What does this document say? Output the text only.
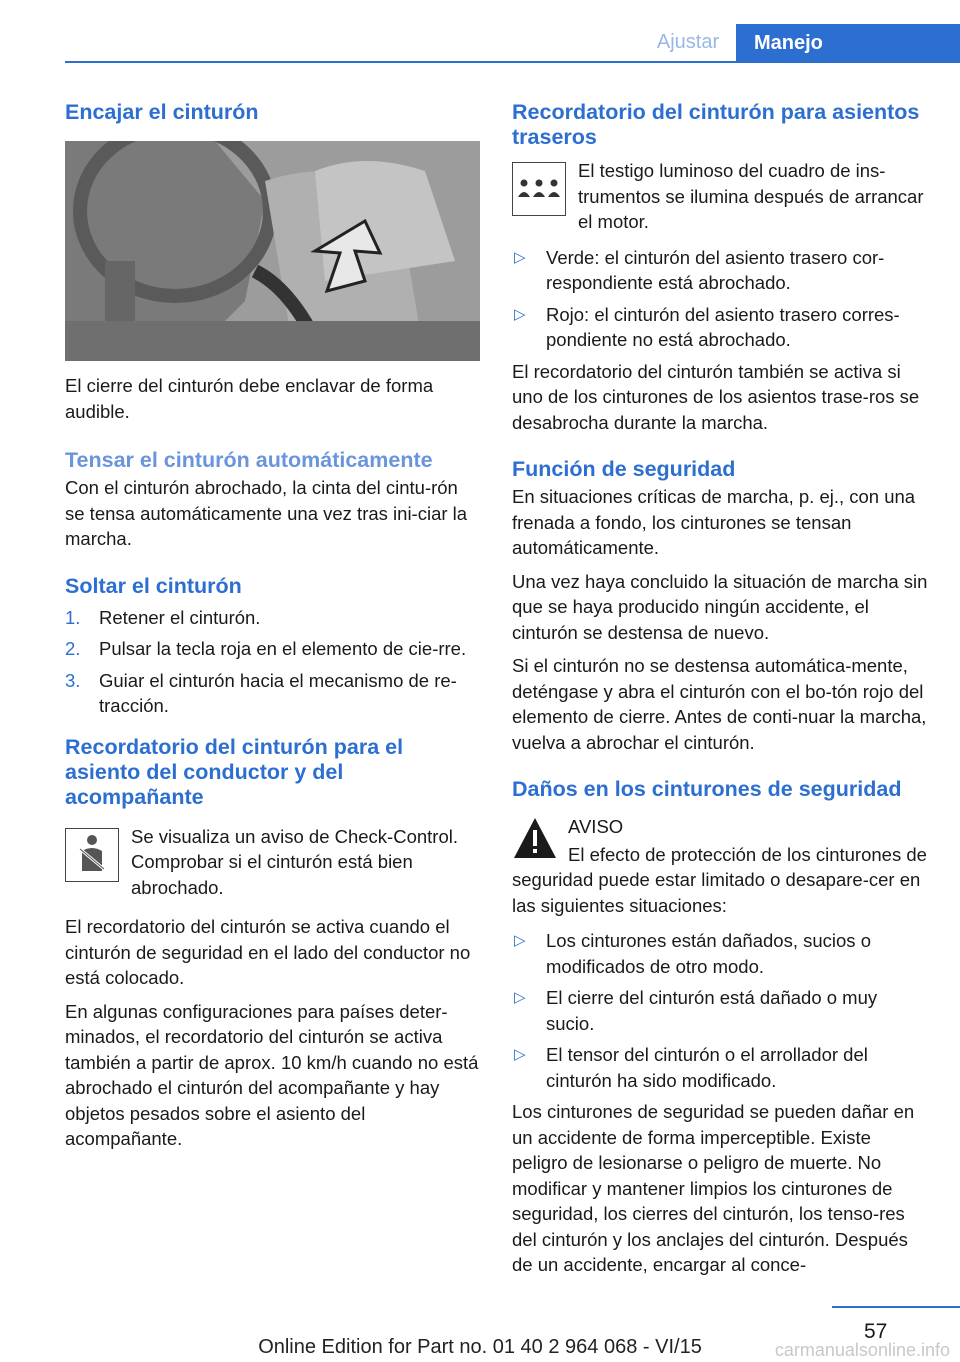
Ajustar	Manejo
Encajar el cinturón

El cierre del cinturón debe enclavar de forma audible.

Tensar el cinturón automáticamente

Con el cinturón abrochado, la cinta del cintu-rón se tensa automáticamente una vez tras ini-ciar la marcha.

Soltar el cinturón
1. Retener el cinturón.
2. Pulsar la tecla roja en el elemento de cie-rre.
3. Guiar el cinturón hacia el mecanismo de re-tracción.
Recordatorio del cinturón para el asiento del conductor y del acompañante

Se visualiza un aviso de Check-Control. Comprobar si el cinturón está bien abrochado.

El recordatorio del cinturón se activa cuando el cinturón de seguridad en el lado del conductor no está colocado.

En algunas configuraciones para países deter-minados, el recordatorio del cinturón se activa también a partir de aprox. 10 km/h cuando no está abrochado el cinturón del acompañante y hay objetos pesados sobre el asiento del acompañante.

Recordatorio del cinturón para asientos traseros

El testigo luminoso del cuadro de ins-trumentos se ilumina después de arrancar el motor.

▷ Verde: el cinturón del asiento trasero cor-respondiente está abrochado.
▷ Rojo: el cinturón del asiento trasero corres-pondiente no está abrochado.

El recordatorio del cinturón también se activa si uno de los cinturones de los asientos trase-ros se desabrocha durante la marcha.

Función de seguridad

En situaciones críticas de marcha, p. ej., con una frenada a fondo, los cinturones se tensan automáticamente.

Una vez haya concluido la situación de marcha sin que se haya producido ningún accidente, el cinturón se destensa de nuevo.

Si el cinturón no se destensa automática-mente, deténgase y abra el cinturón con el bo-tón rojo del elemento de cierre. Antes de conti-nuar la marcha, vuelva a abrochar el cinturón.

Daños en los cinturones de seguridad

AVISO

El efecto de protección de los cinturones de seguridad puede estar limitado o desapare-cer en las siguientes situaciones:

▷ Los cinturones están dañados, sucios o modificados de otro modo.
▷ El cierre del cinturón está dañado o muy sucio.
▷ El tensor del cinturón o el arrollador del cinturón ha sido modificado.

Los cinturones de seguridad se pueden dañar en un accidente de forma imperceptible. Existe peligro de lesionarse o peligro de muerte. No modificar y mantener limpios los cinturones de seguridad, los cierres del cinturón, los tenso-res del cinturón y los anclajes del cinturón. Después de un accidente, encargar al conce-

57
Online Edition for Part no. 01 40 2 964 068 - VI/15	carmanualsonline.info
